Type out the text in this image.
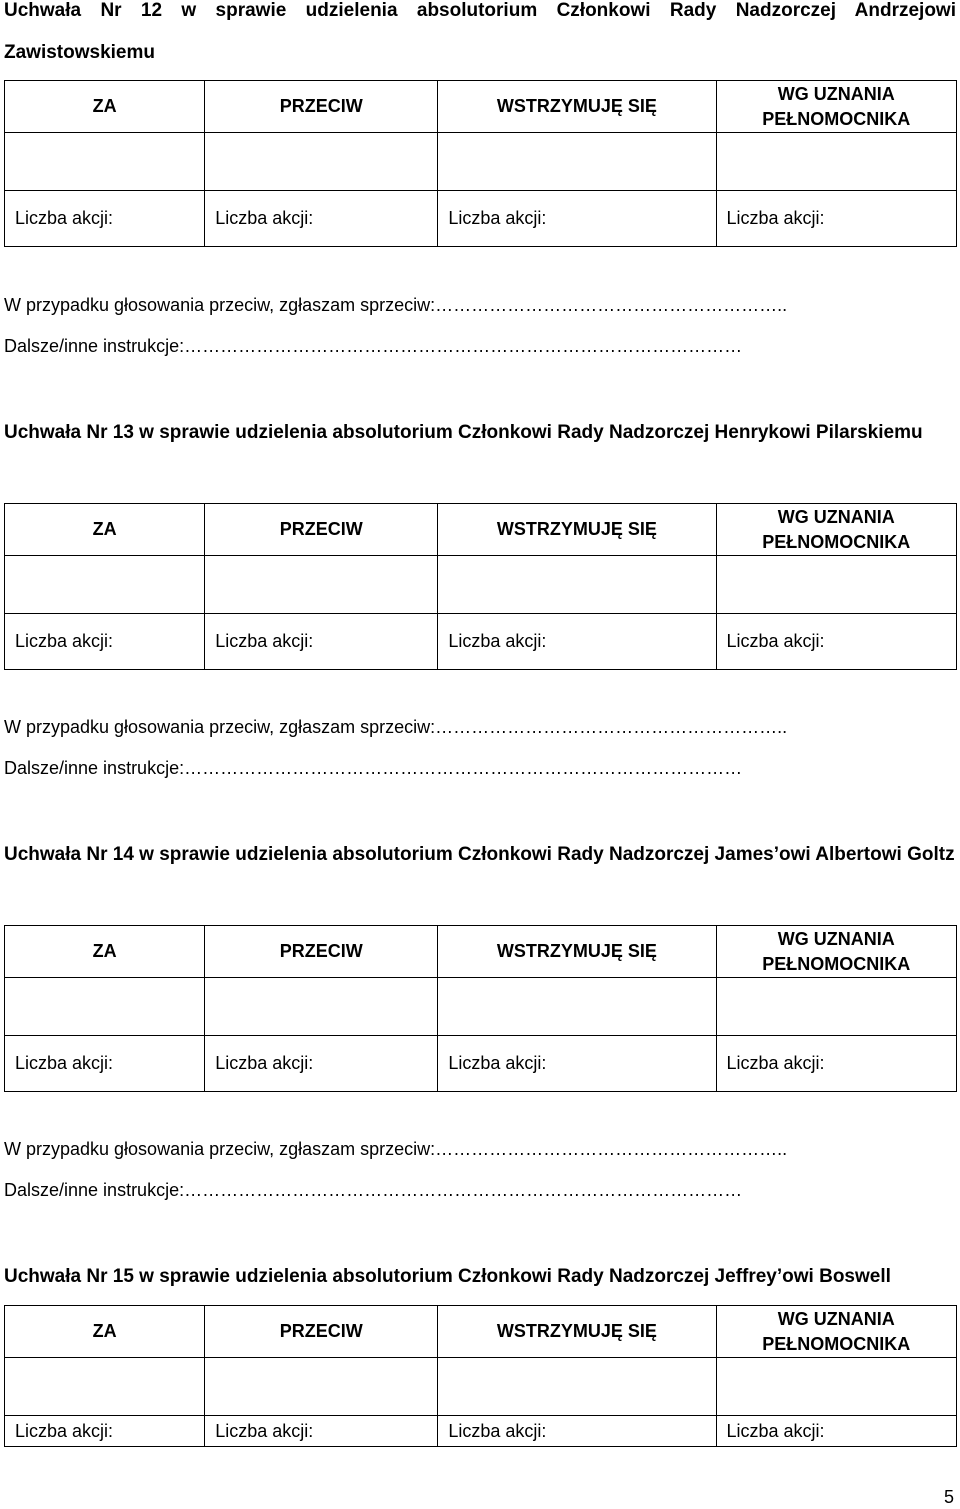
Uchwała Nr 12 w sprawie udzielenia absolutorium Członkowi Rady Nadzorczej Andrzejowi Zawistowskiemu

ZA	PRZECIW	WSTRZYMUJĘ SIĘ	WG UZNANIA
PEŁNOMOCNIKA

Liczba akcji:	Liczba akcji:	Liczba akcji:	Liczba akcji:
W przypadku głosowania przeciw, zgłaszam sprzeciw:…………………………………………………..
Dalsze/inne instrukcje:…………………………………………………………………………………

Uchwała Nr 13 w sprawie udzielenia absolutorium Członkowi Rady Nadzorczej Henrykowi Pilarskiemu

ZA	PRZECIW	WSTRZYMUJĘ SIĘ	WG UZNANIA
PEŁNOMOCNIKA

Liczba akcji:	Liczba akcji:	Liczba akcji:	Liczba akcji:
W przypadku głosowania przeciw, zgłaszam sprzeciw:…………………………………………………..
Dalsze/inne instrukcje:…………………………………………………………………………………

Uchwała Nr 14 w sprawie udzielenia absolutorium Członkowi Rady Nadzorczej James’owi Albertowi Goltz

ZA	PRZECIW	WSTRZYMUJĘ SIĘ	WG UZNANIA
PEŁNOMOCNIKA

Liczba akcji:	Liczba akcji:	Liczba akcji:	Liczba akcji:
W przypadku głosowania przeciw, zgłaszam sprzeciw:…………………………………………………..
Dalsze/inne instrukcje:…………………………………………………………………………………

Uchwała Nr 15 w sprawie udzielenia absolutorium Członkowi Rady Nadzorczej Jeffrey’owi Boswell

ZA	PRZECIW	WSTRZYMUJĘ SIĘ	WG UZNANIA
PEŁNOMOCNIKA

Liczba akcji:	Liczba akcji:	Liczba akcji:	Liczba akcji:
5
